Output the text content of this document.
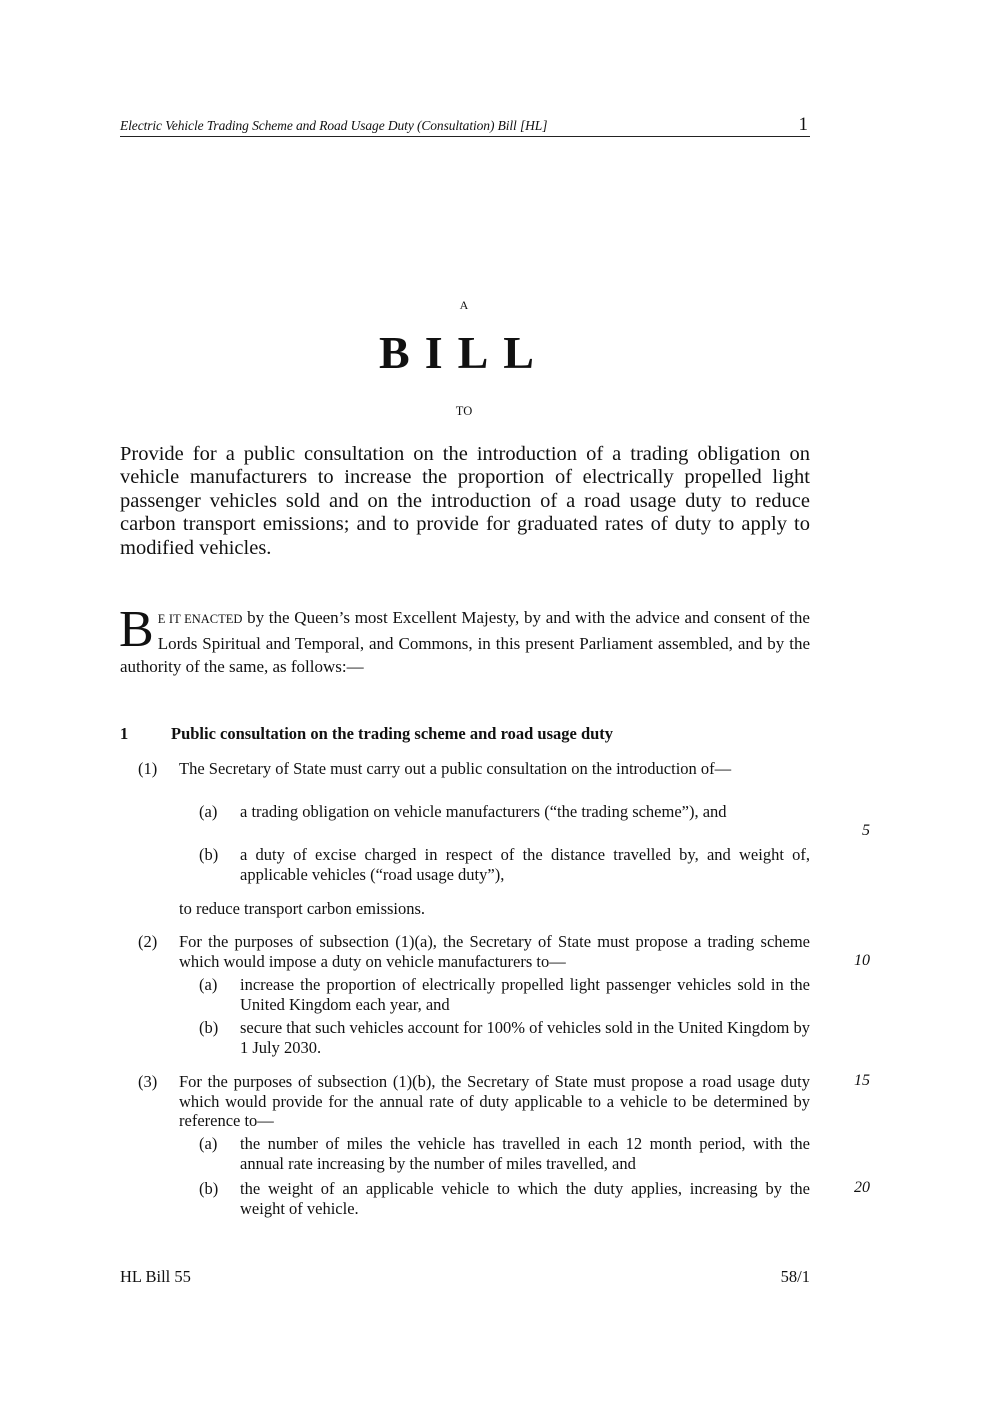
Electric Vehicle Trading Scheme and Road Usage Duty (Consultation) Bill [HL]	1
A
BILL
TO
Provide for a public consultation on the introduction of a trading obligation on vehicle manufacturers to increase the proportion of electrically propelled light passenger vehicles sold and on the introduction of a road usage duty to reduce carbon transport emissions; and to provide for graduated rates of duty to apply to modified vehicles.
B E IT ENACTED by the Queen’s most Excellent Majesty, by and with the advice and consent of the Lords Spiritual and Temporal, and Commons, in this present Parliament assembled, and by the authority of the same, as follows:—
1	Public consultation on the trading scheme and road usage duty
(1) The Secretary of State must carry out a public consultation on the introduction of—
(a) a trading obligation on vehicle manufacturers (“the trading scheme”), and
(b) a duty of excise charged in respect of the distance travelled by, and weight of, applicable vehicles (“road usage duty”),
to reduce transport carbon emissions.
(2) For the purposes of subsection (1)(a), the Secretary of State must propose a trading scheme which would impose a duty on vehicle manufacturers to—
(a) increase the proportion of electrically propelled light passenger vehicles sold in the United Kingdom each year, and
(b) secure that such vehicles account for 100% of vehicles sold in the United Kingdom by 1 July 2030.
(3) For the purposes of subsection (1)(b), the Secretary of State must propose a road usage duty which would provide for the annual rate of duty applicable to a vehicle to be determined by reference to—
(a) the number of miles the vehicle has travelled in each 12 month period, with the annual rate increasing by the number of miles travelled, and
(b) the weight of an applicable vehicle to which the duty applies, increasing by the weight of vehicle.
5
10
15
20
HL Bill 55	58/1
